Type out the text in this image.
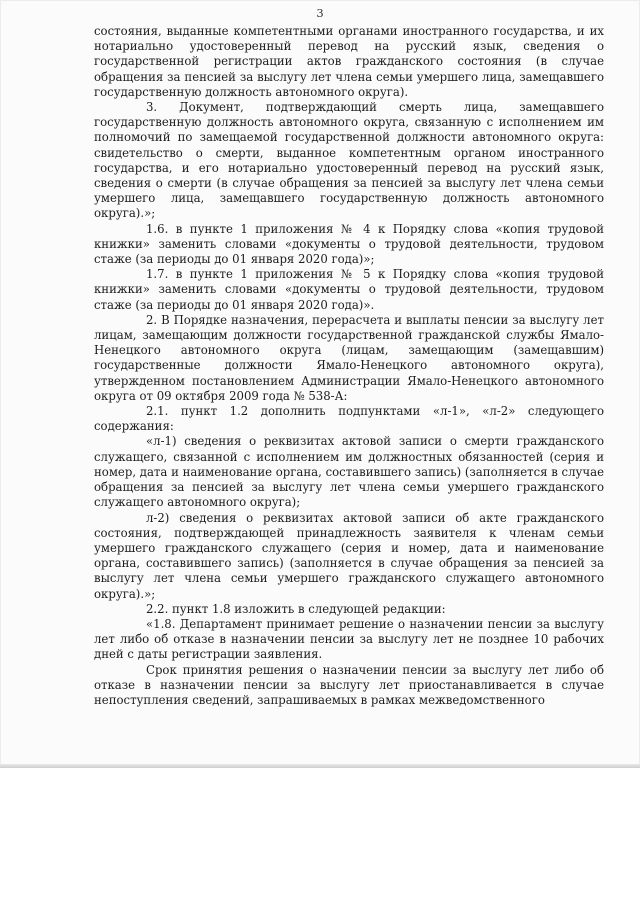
3

состояния, выданные компетентными органами иностранного государства, и их нотариально удостоверенный перевод на русский язык, сведения о государственной регистрации актов гражданского состояния (в случае обращения за пенсией за выслугу лет члена семьи умершего лица, замещавшего государственную должность автономного округа).

3. Документ, подтверждающий смерть лица, замещавшего государственную должность автономного округа, связанную с исполнением им полномочий по замещаемой государственной должности автономного округа: свидетельство о смерти, выданное компетентным органом иностранного государства, и его нотариально удостоверенный перевод на русский язык, сведения о смерти (в случае обращения за пенсией за выслугу лет члена семьи умершего лица, замещавшего государственную должность автономного округа).»;

1.6. в пункте 1 приложения № 4 к Порядку слова «копия трудовой книжки» заменить словами «документы о трудовой деятельности, трудовом стаже (за периоды до 01 января 2020 года)»;

1.7. в пункте 1 приложения № 5 к Порядку слова «копия трудовой книжки» заменить словами «документы о трудовой деятельности, трудовом стаже (за периоды до 01 января 2020 года)».

2. В Порядке назначения, перерасчета и выплаты пенсии за выслугу лет лицам, замещающим должности государственной гражданской службы Ямало-Ненецкого автономного округа (лицам, замещающим (замещавшим) государственные должности Ямало-Ненецкого автономного округа), утвержденном постановлением Администрации Ямало-Ненецкого автономного округа от 09 октября 2009 года № 538-А:

2.1. пункт 1.2 дополнить подпунктами «л-1», «л-2» следующего содержания:

«л-1) сведения о реквизитах актовой записи о смерти гражданского служащего, связанной с исполнением им должностных обязанностей (серия и номер, дата и наименование органа, составившего запись) (заполняется в случае обращения за пенсией за выслугу лет члена семьи умершего гражданского служащего автономного округа);

л-2) сведения о реквизитах актовой записи об акте гражданского состояния, подтверждающей принадлежность заявителя к членам семьи умершего гражданского служащего (серия и номер, дата и наименование органа, составившего запись) (заполняется в случае обращения за пенсией за выслугу лет члена семьи умершего гражданского служащего автономного округа).»;

2.2. пункт 1.8 изложить в следующей редакции:

«1.8. Департамент принимает решение о назначении пенсии за выслугу лет либо об отказе в назначении пенсии за выслугу лет не позднее 10 рабочих дней с даты регистрации заявления.

Срок принятия решения о назначении пенсии за выслугу лет либо об отказе в назначении пенсии за выслугу лет приостанавливается в случае непоступления сведений, запрашиваемых в рамках межведомственного
